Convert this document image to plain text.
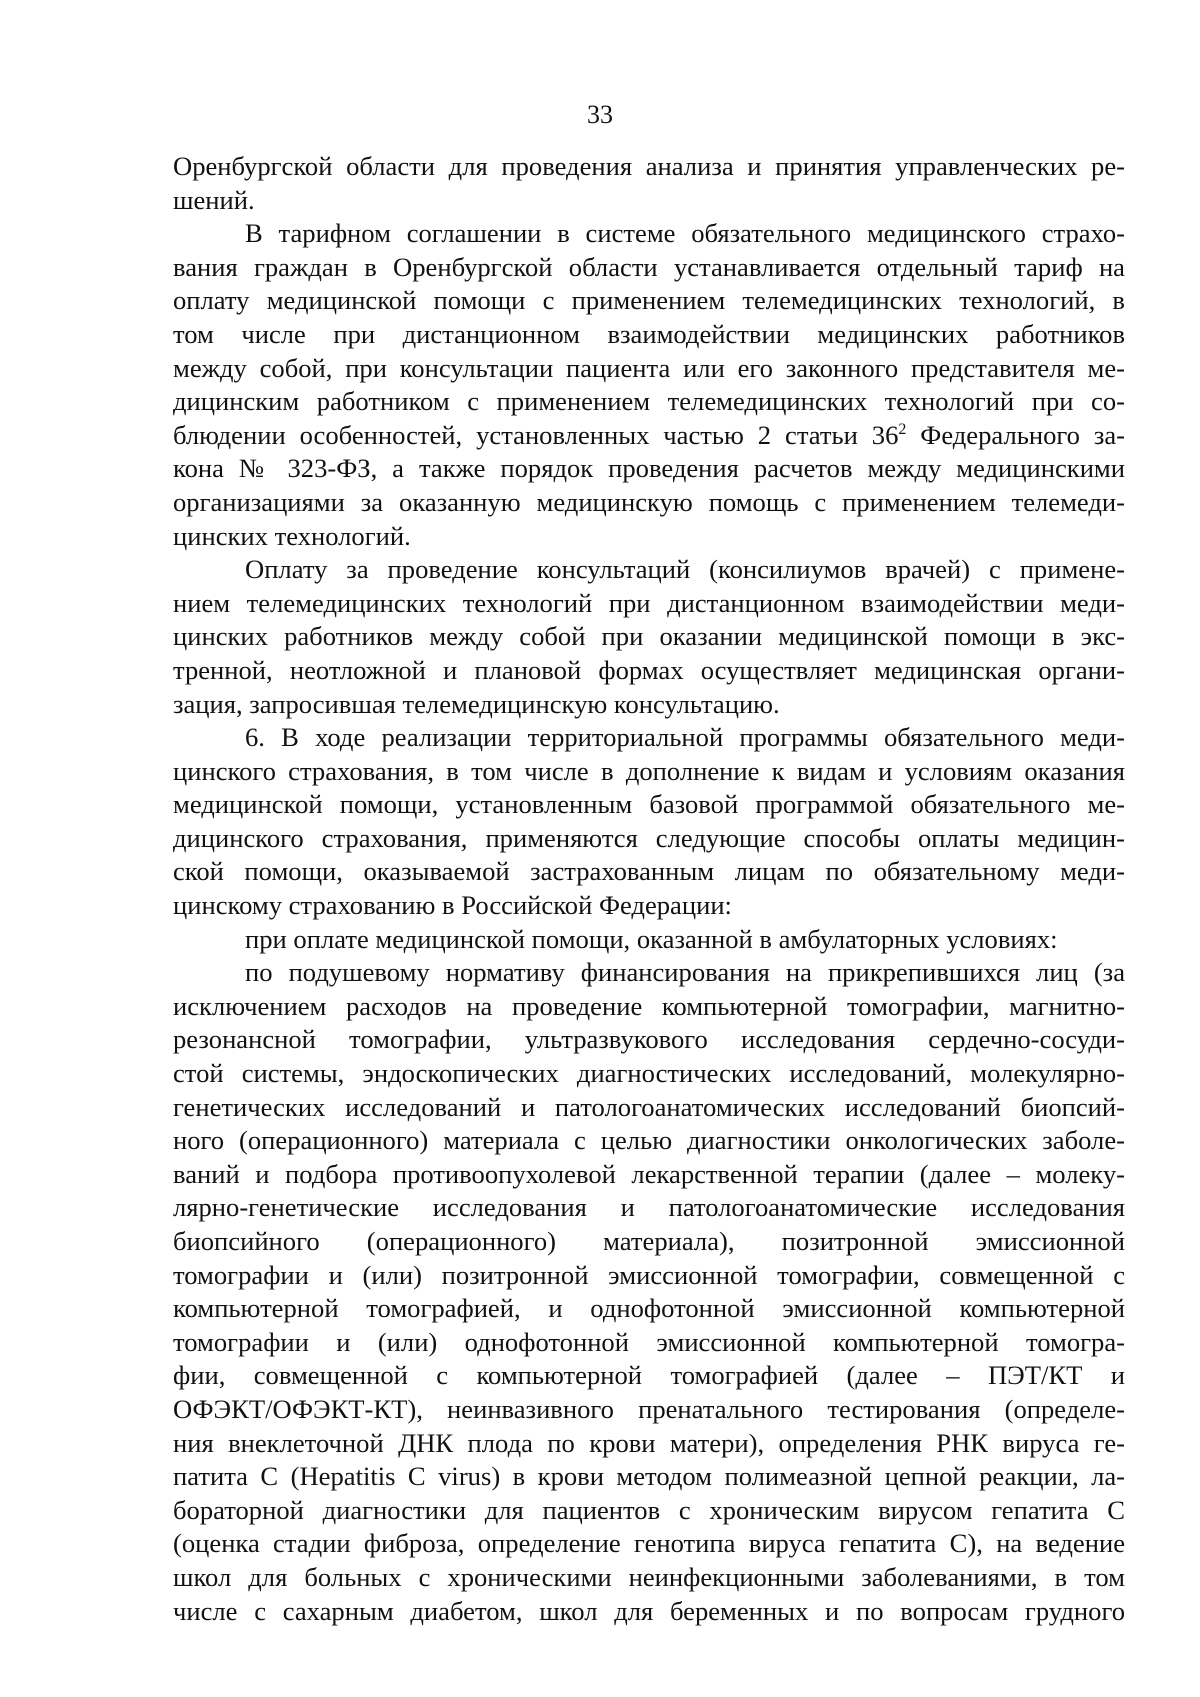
33
Оренбургской области для проведения анализа и принятия управленческих ре-
шений.
В тарифном соглашении в системе обязательного медицинского страхо-
вания граждан в Оренбургской области устанавливается отдельный тариф на
оплату медицинской помощи с применением телемедицинских технологий, в
том числе при дистанционном взаимодействии медицинских работников
между собой, при консультации пациента или его законного представителя ме-
дицинским работником с применением телемедицинских технологий при со-
блюдении особенностей, установленных частью 2 статьи $36^2$ Федерального за-
кона № 323-ФЗ, а также порядок проведения расчетов между медицинскими
организациями за оказанную медицинскую помощь с применением телемеди-
цинских технологий.
Оплату за проведение консультаций (консилиумов врачей) с примене-
нием телемедицинских технологий при дистанционном взаимодействии меди-
цинских работников между собой при оказании медицинской помощи в экс-
тренной, неотложной и плановой формах осуществляет медицинская органи-
зация, запросившая телемедицинскую консультацию.
6. В ходе реализации территориальной программы обязательного меди-
цинского страхования, в том числе в дополнение к видам и условиям оказания
медицинской помощи, установленным базовой программой обязательного ме-
дицинского страхования, применяются следующие способы оплаты медицин-
ской помощи, оказываемой застрахованным лицам по обязательному меди-
цинскому страхованию в Российской Федерации:
при оплате медицинской помощи, оказанной в амбулаторных условиях:
по подушевому нормативу финансирования на прикрепившихся лиц (за
исключением расходов на проведение компьютерной томографии, магнитно-
резонансной томографии, ультразвукового исследования сердечно-сосуди-
стой системы, эндоскопических диагностических исследований, молекулярно-
генетических исследований и патологоанатомических исследований биопсий-
ного (операционного) материала с целью диагностики онкологических заболе-
ваний и подбора противоопухолевой лекарственной терапии (далее – молеку-
лярно-генетические исследования и патологоанатомические исследования
биопсийного (операционного) материала), позитронной эмиссионной
томографии и (или) позитронной эмиссионной томографии, совмещенной с
компьютерной томографией, и однофотонной эмиссионной компьютерной
томографии и (или) однофотонной эмиссионной компьютерной томогра-
фии, совмещенной с компьютерной томографией (далее – ПЭТ/КТ и
ОФЭКТ/ОФЭКТ-КТ), неинвазивного пренатального тестирования (определе-
ния внеклеточной ДНК плода по крови матери), определения РНК вируса ге-
патита С (Hepatitis C virus) в крови методом полимеазной цепной реакции, ла-
бораторной диагностики для пациентов с хроническим вирусом гепатита С
(оценка стадии фиброза, определение генотипа вируса гепатита С), на ведение
школ для больных с хроническими неинфекционными заболеваниями, в том
числе с сахарным диабетом, школ для беременных и по вопросам грудного
